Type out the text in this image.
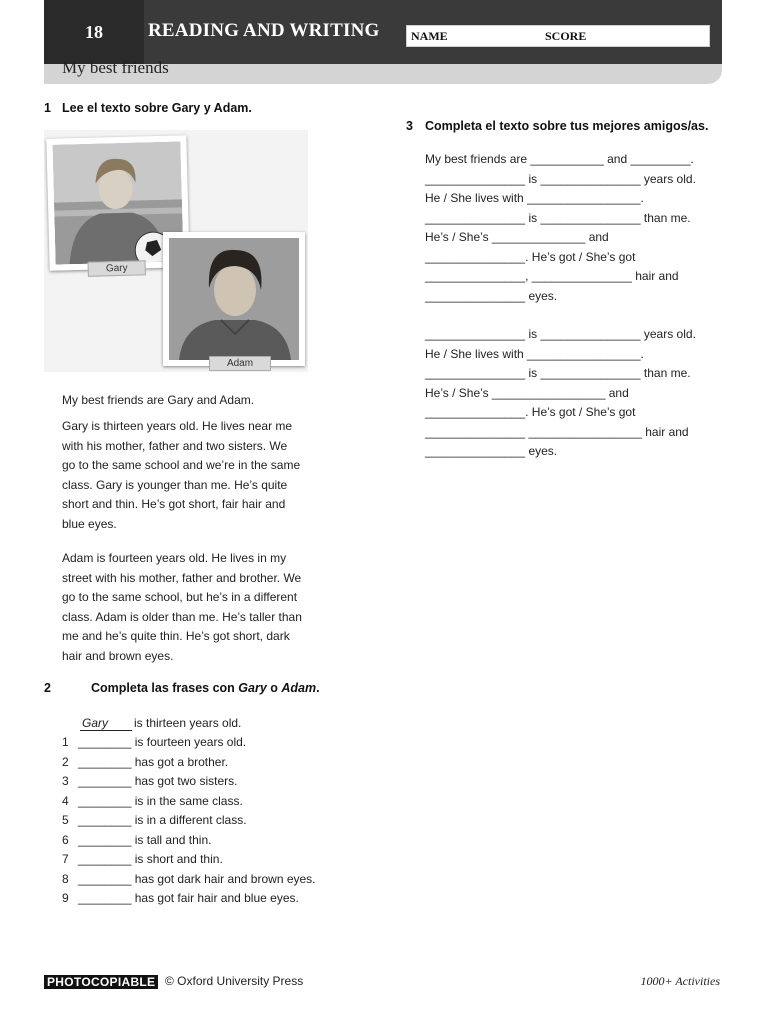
18	READING AND WRITING	NAME	SCORE
My best friends
1 Lee el texto sobre Gary y Adam.
Gary
Adam
My best friends are Gary and Adam.
Gary is thirteen years old. He lives near me
with his mother, father and two sisters. We
go to the same school and we’re in the same
class. Gary is younger than me. He’s quite
short and thin. He’s got short, fair hair and
blue eyes.
Adam is fourteen years old. He lives in my
street with his mother, father and brother. We
go to the same school, but he’s in a different
class. Adam is older than me. He’s taller than
me and he’s quite thin. He’s got short, dark
hair and brown eyes.
2	Completa las frases con Gary o Adam.
Gary is thirteen years old.
1 ________ is fourteen years old.
2 ________ has got a brother.
3 ________ has got two sisters.
4 ________ is in the same class.
5 ________ is in a different class.
6 ________ is tall and thin.
7 ________ is short and thin.
8 ________ has got dark hair and brown eyes.
9 ________ has got fair hair and blue eyes.
3 Completa el texto sobre tus mejores amigos/as.
My best friends are ___________ and _________.
_______________ is _______________ years old.
He / She lives with _________________.
_______________ is _______________ than me.
He’s / She’s ______________ and
_______________. He’s got / She’s got
_______________, _______________ hair and
_______________ eyes.
_______________ is _______________ years old.
He / She lives with _________________.
_______________ is _______________ than me.
He’s / She’s _________________ and
_______________. He’s got / She’s got
_______________ _________________ hair and
_______________ eyes.
PHOTOCOPIABLE © Oxford University Press	1000+ Activities
